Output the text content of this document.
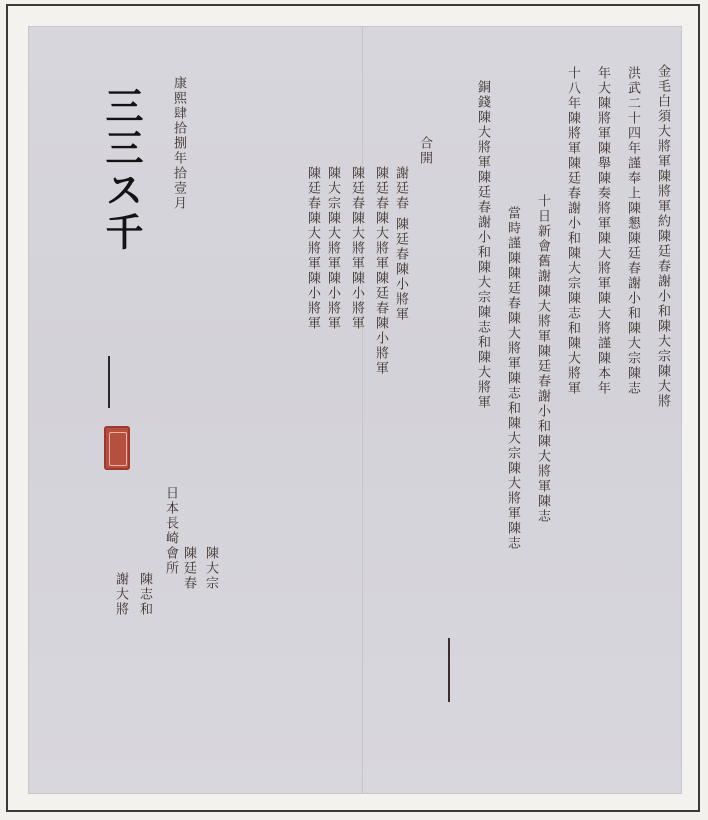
金毛白須大將軍陳將軍約陳廷春謝小和陳大宗陳大將
洪武二十四年謹奉上陳懇陳廷春謝小和陳大宗陳志
年大陳將軍陳舉陳奏將軍陳大將軍陳大將謹陳本年
十八年陳將軍陳廷春謝小和陳大宗陳志和陳大將軍
十日新會舊謝陳大將軍陳廷春謝小和陳大將軍陳志
當時謹陳陳廷春陳大將軍陳志和陳大宗陳大將軍陳志
銅錢陳大將軍陳廷春謝小和陳大宗陳志和陳大將軍
合開
謝廷春 陳廷春陳小將軍
陳廷春陳大將軍陳廷春陳小將軍
陳廷春陳大將軍陳小將軍
陳大宗陳大將軍陳小將軍
陳廷春陳大將軍陳小將軍
康熙肆拾捌年拾壹月
三三ス千
日本長崎會所 陳大宗
陳廷春
陳志和
謝大將
